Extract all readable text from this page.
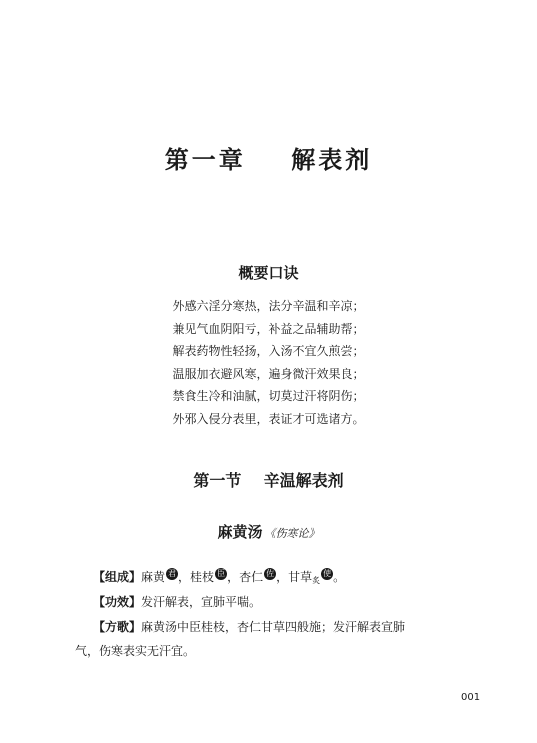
第一章    解表剂
概要口诀
外感六淫分寒热，法分辛温和辛凉；
兼见气血阴阳亏，补益之品辅助帮；
解表药物性轻扬，入汤不宜久煎尝；
温服加衣避风寒，遍身微汗效果良；
禁食生冷和油腻，切莫过汗将阴伤；
外邪入侵分表里，表证才可选诸方。
第一节    辛温解表剂
麻黄汤 《伤寒论》
【组成】麻黄 君 ，桂枝 臣 ，杏仁 佐 ，甘草炙使 。
【功效】发汗解表，宣肺平喘。
【方歌】麻黄汤中臣桂枝，杏仁甘草四般施；发汗解表宣肺
气，伤寒表实无汗宜。
001
